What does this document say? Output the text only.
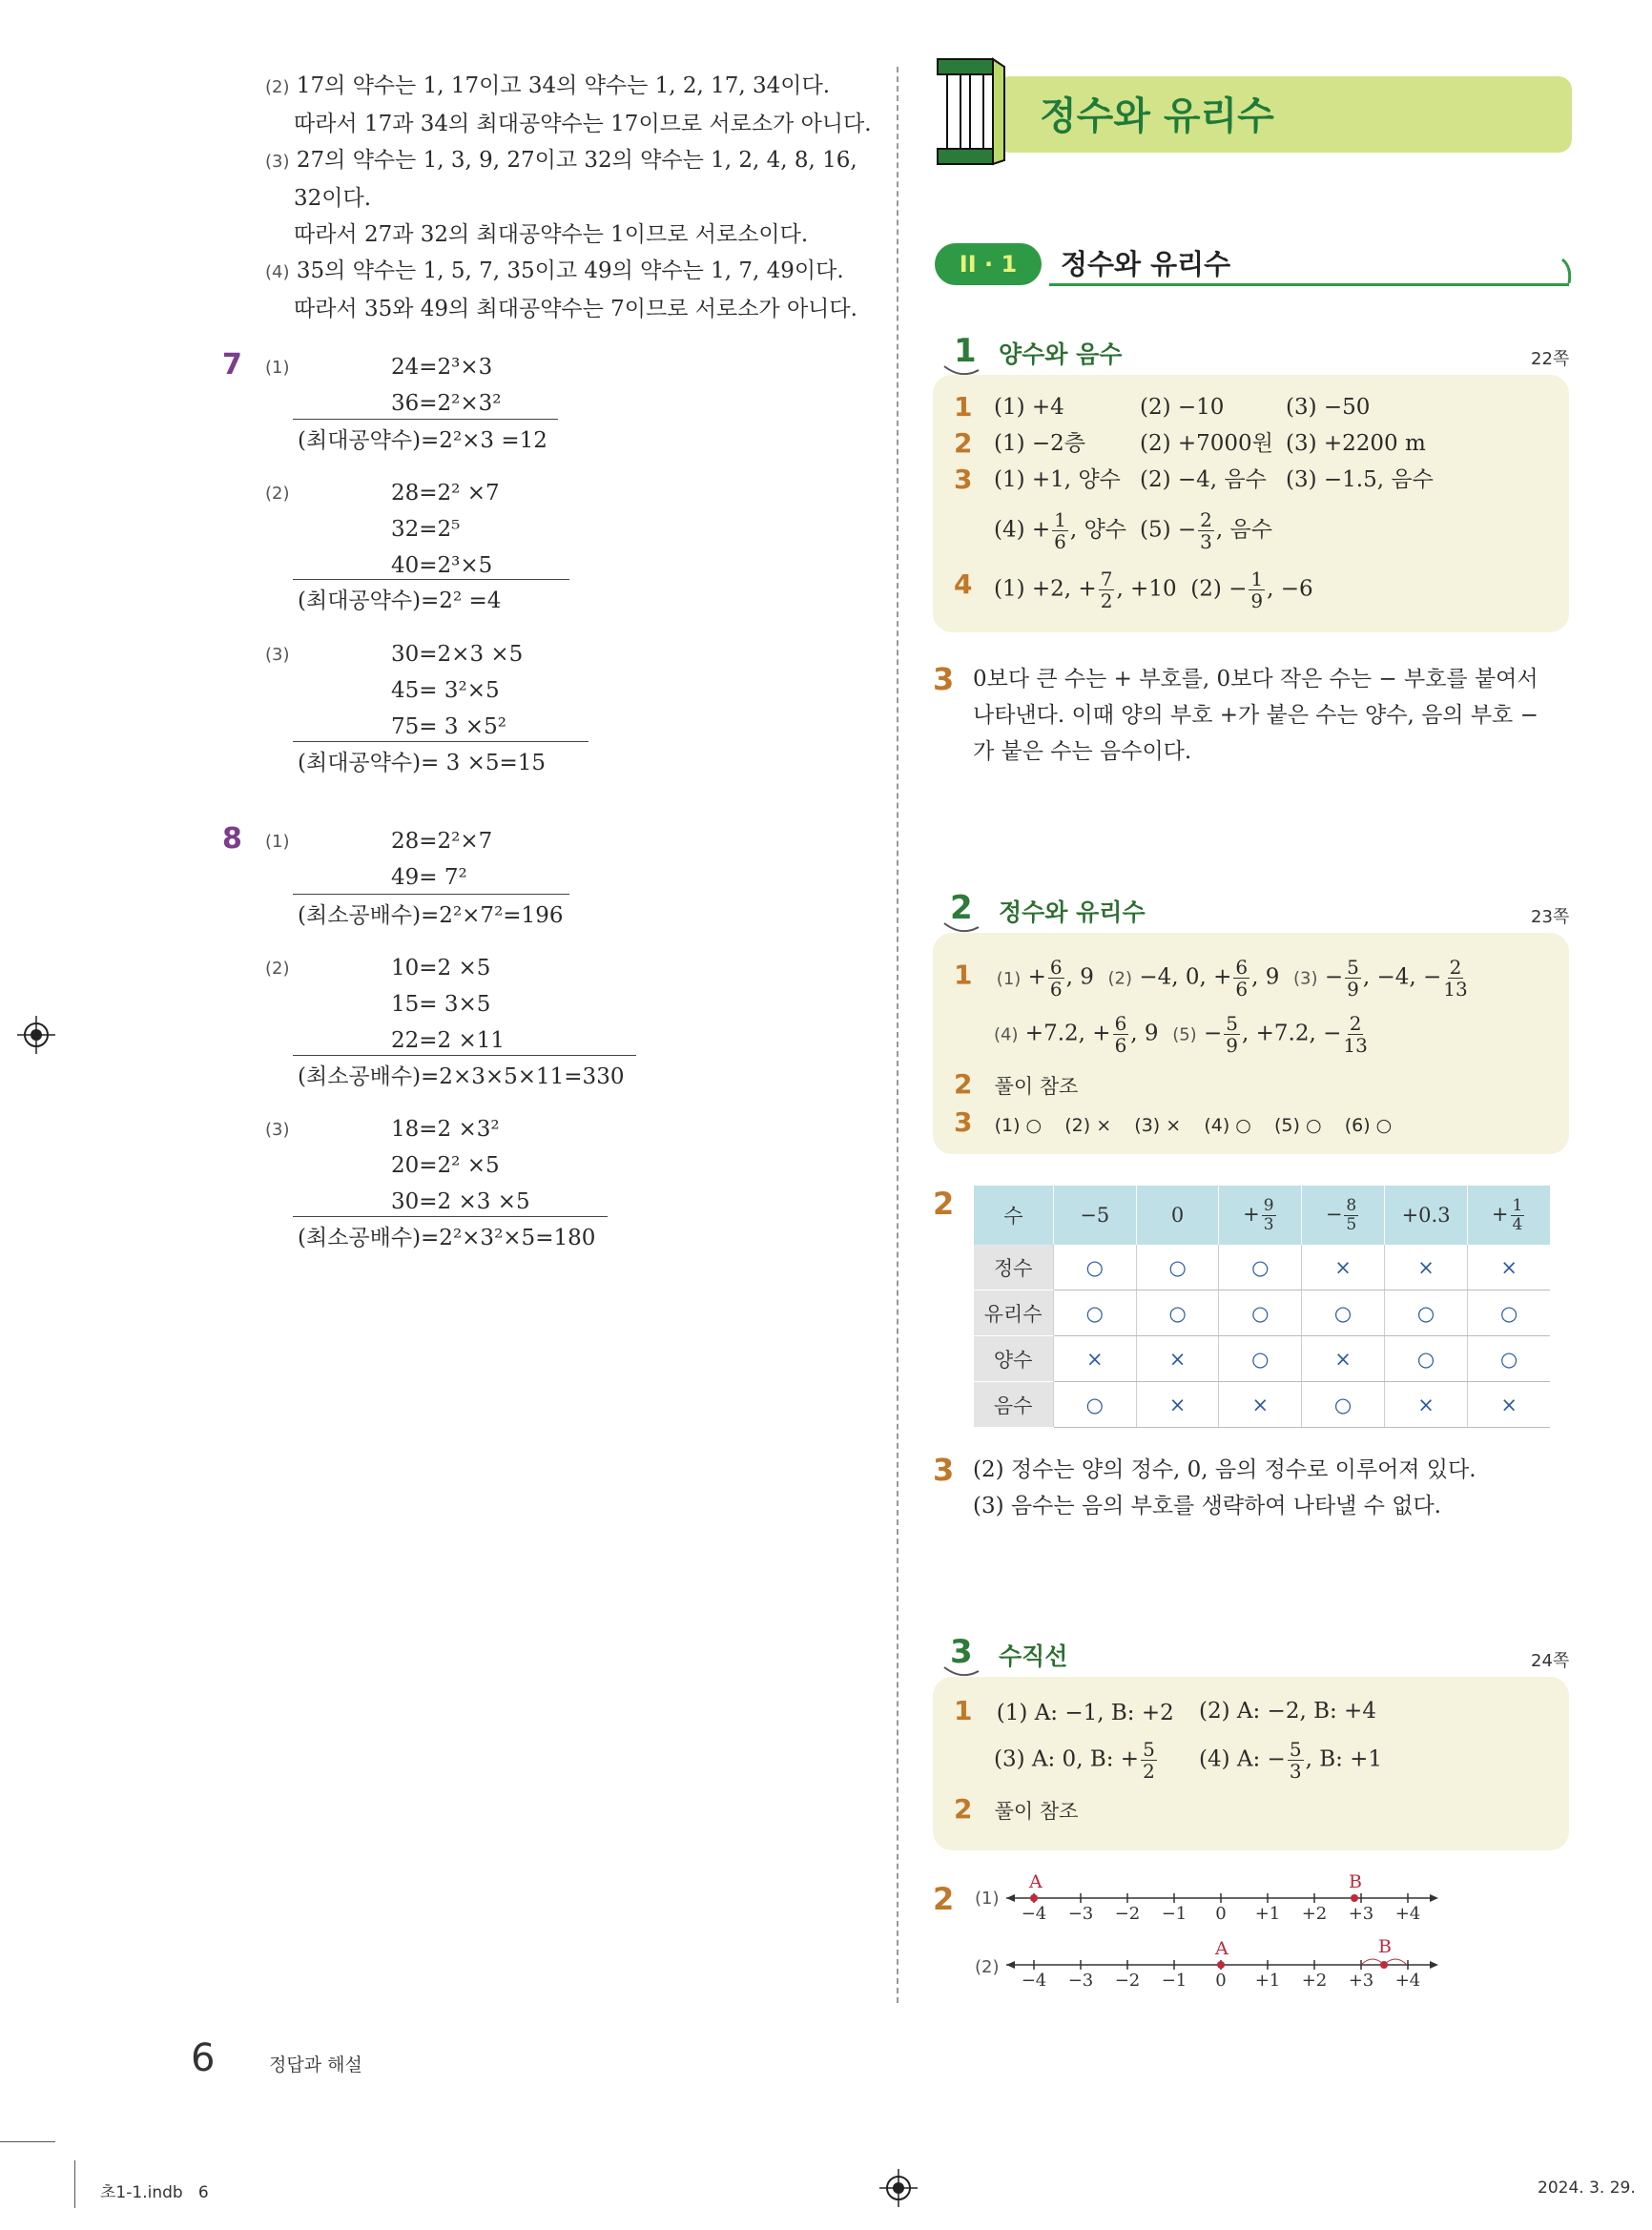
(2) 17의 약수는 1, 17이고 34의 약수는 1, 2, 17, 34이다.
따라서 17과 34의 최대공약수는 17이므로 서로소가 아니다.
(3) 27의 약수는 1, 3, 9, 27이고 32의 약수는 1, 2, 4, 8, 16,
32이다.
따라서 27과 32의 최대공약수는 1이므로 서로소이다.
(4) 35의 약수는 1, 5, 7, 35이고 49의 약수는 1, 7, 49이다.
따라서 35와 49의 최대공약수는 7이므로 서로소가 아니다.
7 (1)	24=2³×3
36=2²×3²
(최대공약수)=2²×3 =12
(2)	28=2² ×7
32=2⁵
40=2³×5
(최대공약수)=2² =4
(3)	30=2×3 ×5
45= 3²×5
75= 3 ×5²
(최대공약수)= 3 ×5=15
8 (1)	28=2²×7
49= 7²
(최소공배수)=2²×7²=196
(2)	10=2 ×5
15= 3×5
22=2 ×11
(최소공배수)=2×3×5×11=330
(3)	18=2 ×3²
20=2² ×5
30=2 ×3 ×5
(최소공배수)=2²×3²×5=180
정수와 유리수
II · 1	정수와 유리수
1 양수와 음수	22쪽
1 (1) +4	(2) −10	(3) −50
2 (1) −2층 (2) +7000원 (3) +2200 m
3 (1) +1, 양수 (2) −4, 음수 (3) −1.5, 음수
$(4) + \frac{1}{6}$ , 양수 $(5) - \frac{2}{3}$ , 음수
4 (1) +2, + $\frac{7}{2}$ , +10 $(2) - \frac{1}{9}$ , −6
3 0보다 큰 수는 + 부호를, 0보다 작은 수는 − 부호를 붙여서
나타낸다. 이때 양의 부호 +가 붙은 수는 양수, 음의 부호 −
가 붙은 수는 음수이다.
2 정수와 유리수	23쪽
1 $(1) + \frac{6}{6}$ , 9  (2) −4, 0, + $\frac{6}{6}$ , 9  $(3) - \frac{5}{9}$ , −4, − $\frac{2}{13}$
(4) +7.2, + $\frac{6}{6}$ , 9  $(5) - \frac{5}{9}$ , +7.2, − $\frac{2}{13}$
2 풀이 참조
3 (1) ○    (2) ×    (3) ×    (4) ○    (5) ○    (6) ○
2 수	−5	0	+ $\frac{9}{3}$	− $\frac{8}{5}$	+0.3	+ $\frac{1}{4}$

정수	○	○	○	×	×	×
유리수	○	○	○	○	○	○
양수	×	×	○	×	○	○
음수	○	×	×	○	×	×
3 (2) 정수는 양의 정수, 0, 음의 정수로 이루어져 있다.
(3) 음수는 음의 부호를 생략하여 나타낼 수 없다.
3 수직선	24쪽
1 (1) A: −1, B: +2 (2) A: −2, B: +4
(3) A: 0, B: + $\frac{5}{2} (4) A$: − $\frac{5}{3}$ , B: +1
2 풀이 참조
2 (1)
(2)
−4 −3 −2 −1 0 +1 +2 +3 +4
A	B
−4 −3 −2 −1 0 +1 +2 +3 +4
A	B
6	정답과 해설
초1-1.indb   6	2024. 3. 29.
